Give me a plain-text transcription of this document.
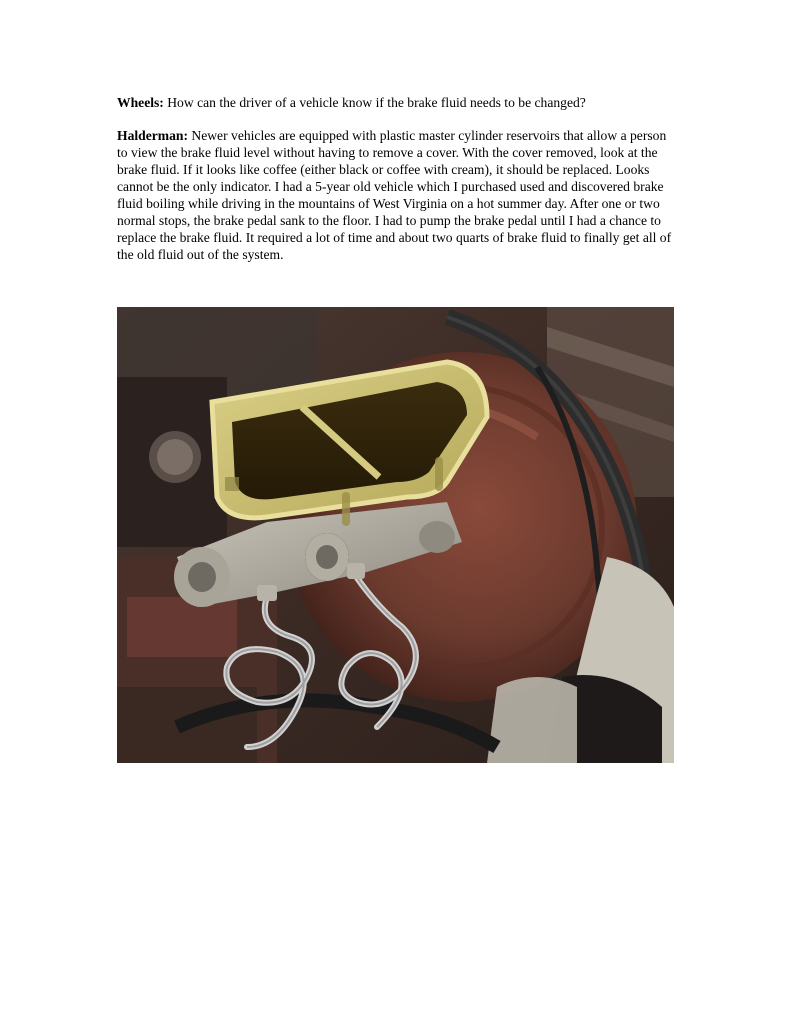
Wheels: How can the driver of a vehicle know if the brake fluid needs to be changed?

Halderman: Newer vehicles are equipped with plastic master cylinder reservoirs that allow a person to view the brake fluid level without having to remove a cover. With the cover removed, look at the brake fluid. If it looks like coffee (either black or coffee with cream), it should be replaced. Looks cannot be the only indicator. I had a 5-year old vehicle which I purchased used and discovered brake fluid boiling while driving in the mountains of West Virginia on a hot summer day. After one or two normal stops, the brake pedal sank to the floor. I had to pump the brake pedal until I had a chance to replace the brake fluid. It required a lot of time and about two quarts of brake fluid to finally get all of the old fluid out of the system.
